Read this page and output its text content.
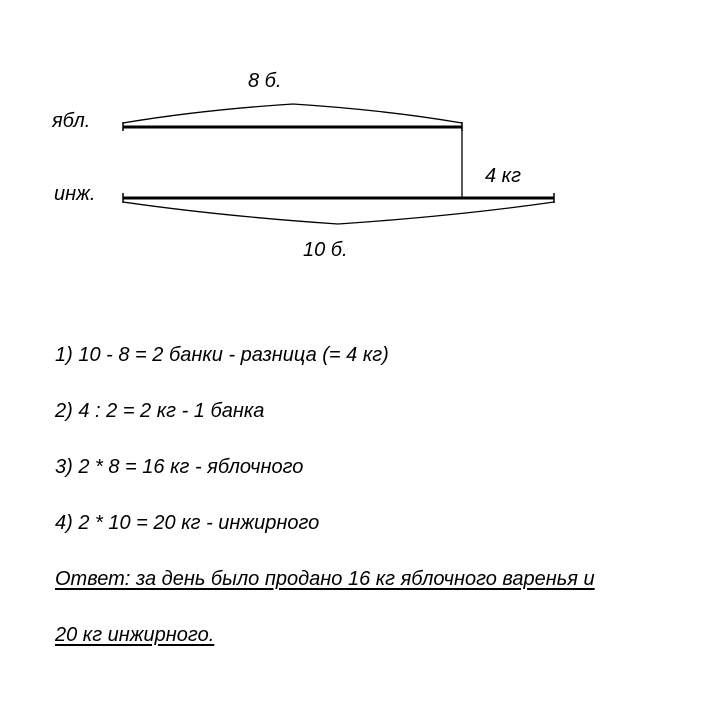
ябл.
инж.
8 б.
10 б.
4 кг
1) 10 - 8 = 2 банки - разница (= 4 кг)
2) 4 : 2 = 2 кг - 1 банка
3) 2 * 8 = 16 кг - яблочного
4) 2 * 10 = 20 кг - инжирного
Ответ: за день было продано 16 кг яблочного варенья и
20 кг инжирного.
